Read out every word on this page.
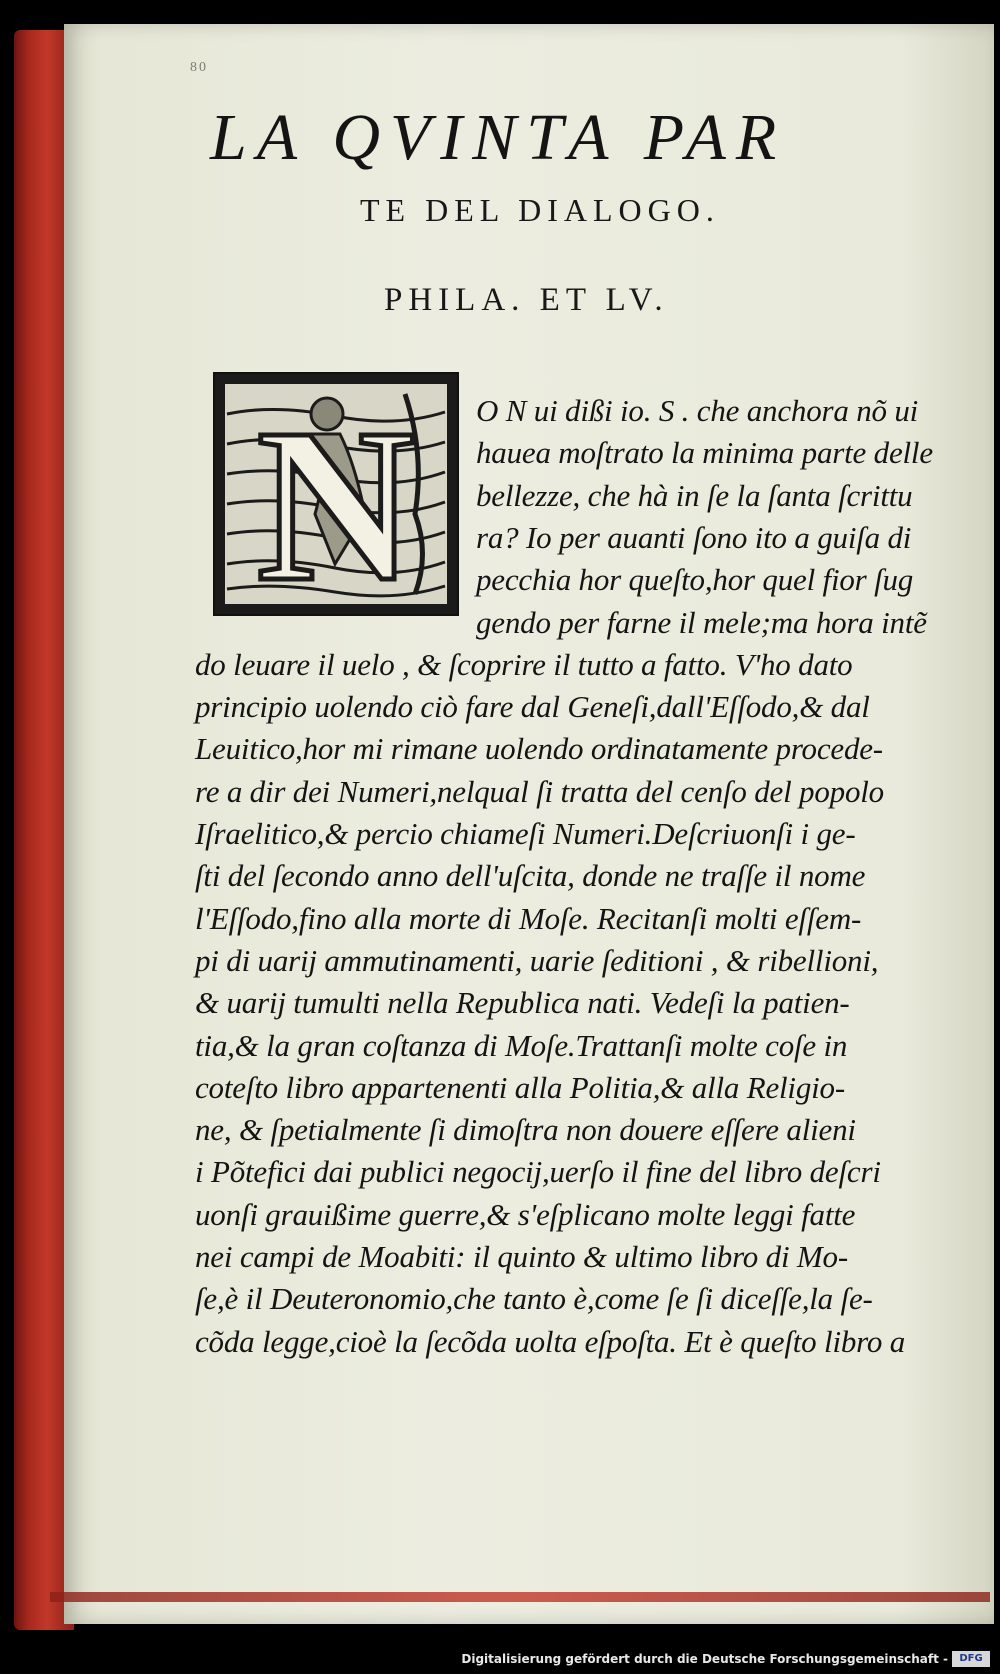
80
LA QVINTA PAR
TE DEL DIALOGO.
PHILA. ET LV.
N O N ui dißi io. S . che anchora nõ ui
haueа moſtrato la minima parte delle
bellezze, che hà in ſe la ſanta ſcrittu
ra? Io per auanti ſono ito a guiſa di
pecchia hor queſto,hor quel fior ſug
gendo per farne il mele;ma hora intẽ
do leuare il uelo , & ſcoprire il tutto a fatto. V'ho dato
principio uolendo ciò fare dal Geneſi,dall'Eſſodo,& dal
Leuitico,hor mi rimane uolendo ordinatamente procede-
re a dir dei Numeri,nelqual ſi tratta del cenſo del popolo
Iſraelitico,& percio chiameſi Numeri.Deſcriuonſi i ge-
ſti del ſecondo anno dell'uſcita, donde ne traſſe il nome
l'Eſſodo,fino alla morte di Moſe. Recitanſi molti eſſem-
pi di uarij ammutinamenti, uarie ſeditioni , & ribellioni,
& uarij tumulti nella Republica nati. Vedeſi la patien-
tia,& la gran coſtanza di Moſe.Trattanſi molte coſe in
coteſto libro appartenenti alla Politia,& alla Religio-
ne, & ſpetialmente ſi dimoſtra non douere eſſere alieni
i Põtefici dai publici negocij,uerſo il fine del libro deſcri
uonſi grauißime guerre,& s'eſplicano molte leggi fatte
nei campi de Moabiti: il quinto & ultimo libro di Mo-
ſe,è il Deuteronomio,che tanto è,come ſe ſi diceſſe,la ſe-
cõda legge,cioè la ſecõda uolta eſpoſta. Et è queſto libro a
Digitalisierung gefördert durch die Deutsche Forschungsgemeinschaft -	DFG
